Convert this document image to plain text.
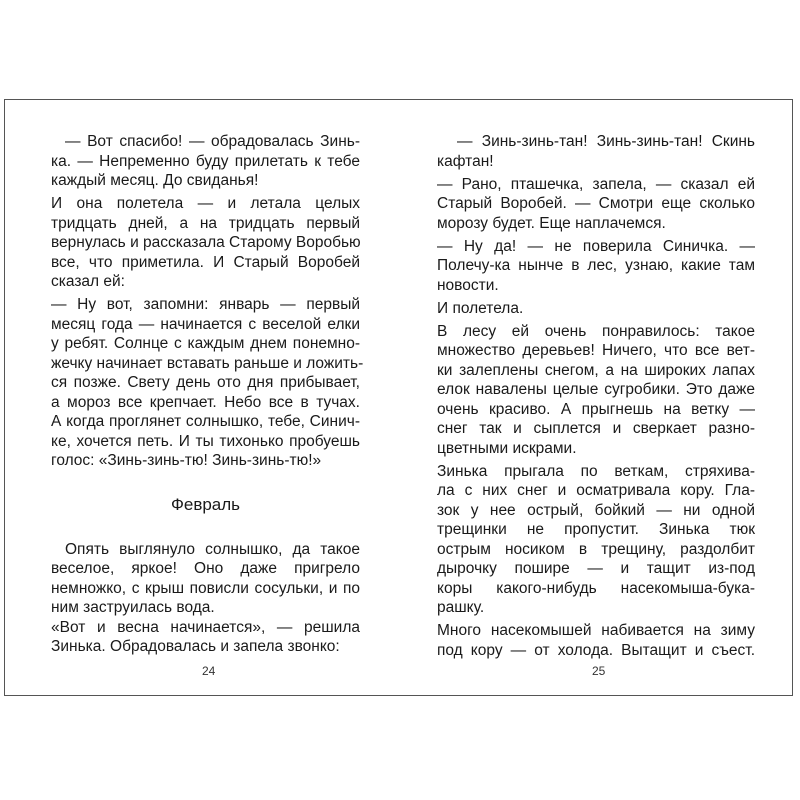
— Вот спасибо! — обрадовалась Зинь-
ка. — Непременно буду прилетать к тебе
каждый месяц. До свиданья!
И она полетела — и летала целых
тридцать дней, а на тридцать первый
вернулась и рассказала Старому Воробью
все, что приметила. И Старый Воробей
сказал ей:
— Ну вот, запомни: январь — первый
месяц года — начинается с веселой елки
у ребят. Солнце с каждым днем понемно-
жечку начинает вставать раньше и ложить-
ся позже. Свету день ото дня прибывает,
а мороз все крепчает. Небо все в тучах.
А когда проглянет солнышко, тебе, Синич-
ке, хочется петь. И ты тихонько пробуешь
голос: «Зинь-зинь-тю! Зинь-зинь-тю!»
Февраль
Опять выглянуло солнышко, да такое
веселое, яркое! Оно даже пригрело
немножко, с крыш повисли сосульки, и по
ним заструилась вода.
«Вот и весна начинается», — решила
Зинька. Обрадовалась и запела звонко:
24
— Зинь-зинь-тан! Зинь-зинь-тан! Скинь
кафтан!
— Рано, пташечка, запела, — сказал ей
Старый Воробей. — Смотри еще сколько
морозу будет. Еще наплачемся.
— Ну да! — не поверила Синичка. —
Полечу-ка нынче в лес, узнаю, какие там
новости.
И полетела.
В лесу ей очень понравилось: такое
множество деревьев! Ничего, что все вет-
ки залеплены снегом, а на широких лапах
елок навалены целые сугробики. Это даже
очень красиво. А прыгнешь на ветку —
снег так и сыплется и сверкает разно-
цветными искрами.
Зинька прыгала по веткам, стряхива-
ла с них снег и осматривала кору. Гла-
зок у нее острый, бойкий — ни одной
трещинки не пропустит. Зинька тюк
острым носиком в трещину, раздолбит
дырочку пошире — и тащит из-под
коры какого-нибудь насекомыша-бука-
рашку.
Много насекомышей набивается на зиму
под кору — от холода. Вытащит и съест.
25
